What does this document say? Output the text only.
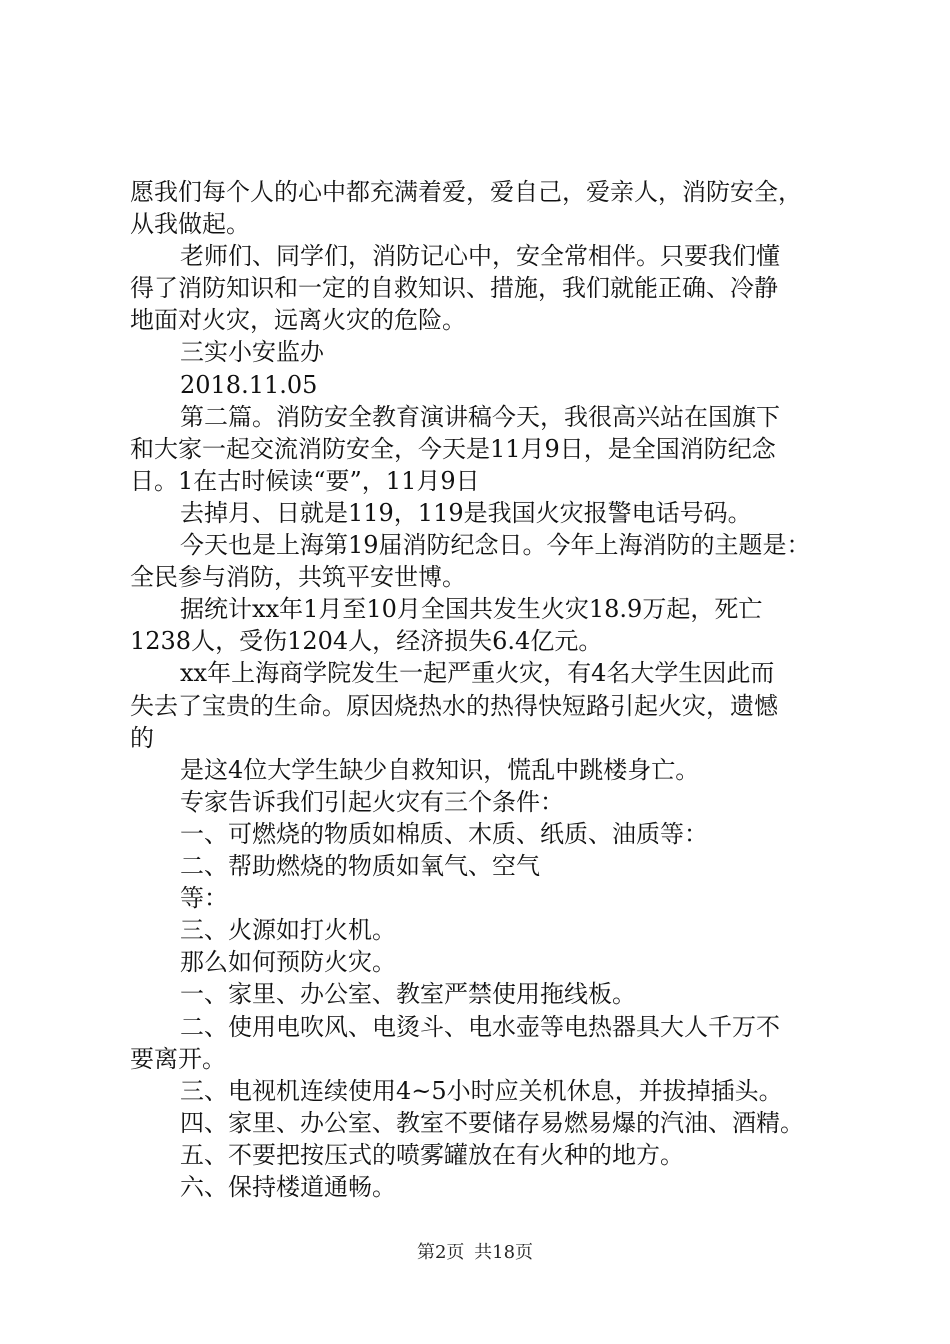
愿我们每个人的心中都充满着爱，爱自己，爱亲人，消防安全，
从我做起。
老师们、同学们，消防记心中，安全常相伴。只要我们懂
得了消防知识和一定的自救知识、措施，我们就能正确、冷静
地面对火灾，远离火灾的危险。
三实小安监办
2018.11.05
第二篇。消防安全教育演讲稿今天，我很高兴站在国旗下
和大家一起交流消防安全，今天是11月9日，是全国消防纪念
日。1在古时候读“要”，11月9日
去掉月、日就是119，119是我国火灾报警电话号码。
今天也是上海第19届消防纪念日。今年上海消防的主题是：
全民参与消防，共筑平安世博。
据统计xx年1月至10月全国共发生火灾18.9万起，死亡
1238人，受伤1204人，经济损失6.4亿元。
xx年上海商学院发生一起严重火灾，有4名大学生因此而
失去了宝贵的生命。原因烧热水的热得快短路引起火灾，遗憾
的
是这4位大学生缺少自救知识，慌乱中跳楼身亡。
专家告诉我们引起火灾有三个条件：
一、可燃烧的物质如棉质、木质、纸质、油质等：
二、帮助燃烧的物质如氧气、空气
等：
三、火源如打火机。
那么如何预防火灾。
一、家里、办公室、教室严禁使用拖线板。
二、使用电吹风、电烫斗、电水壶等电热器具大人千万不
要离开。
三、电视机连续使用4~5小时应关机休息，并拔掉插头。
四、家里、办公室、教室不要储存易燃易爆的汽油、酒精。
五、不要把按压式的喷雾罐放在有火种的地方。
六、保持楼道通畅。
第2页 共18页
